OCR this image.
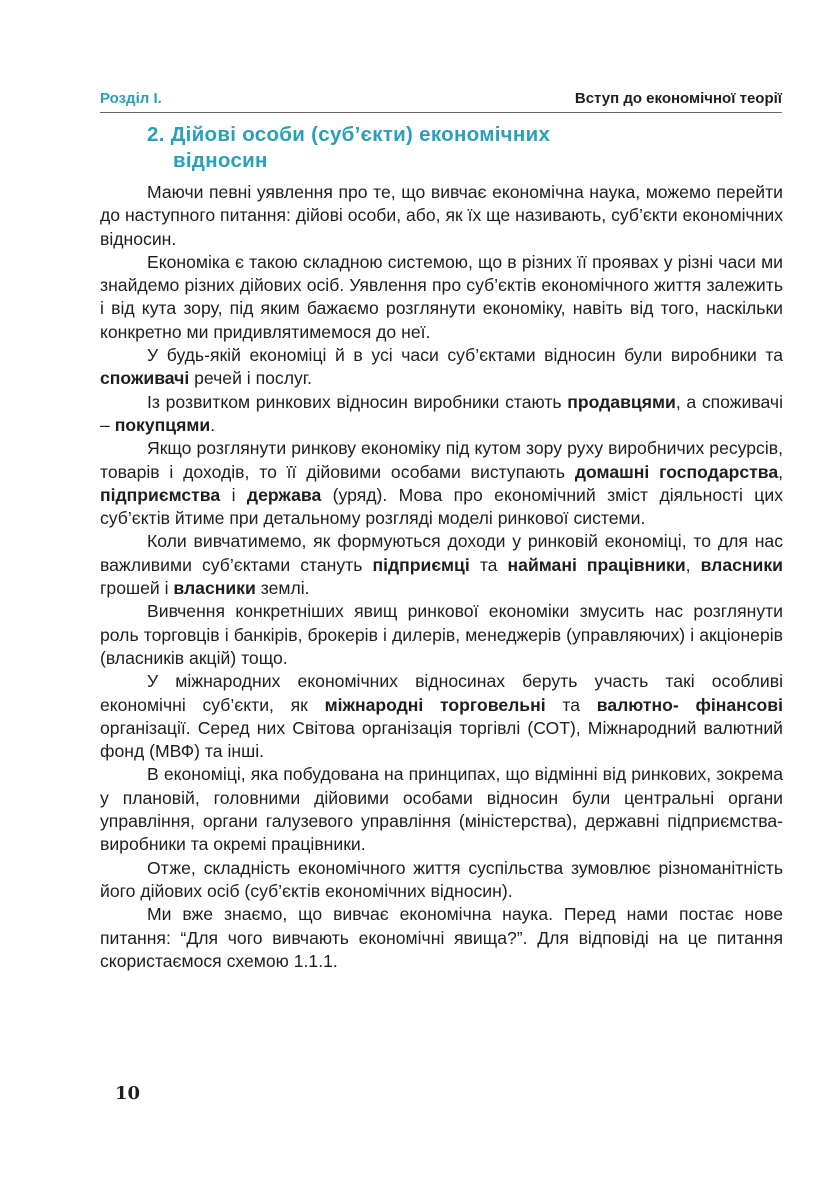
Розділ І.	Вступ до економічної теорії
2. Дійові особи (суб’єкти) економічних
відносин

Маючи певні уявлення про те, що вивчає економічна наука, можемо перейти до наступного питання: дійові особи, або, як їх ще називають, суб’єкти економічних відносин.

Економіка є такою складною системою, що в різних її проявах у різні часи ми знайдемо різних дійових осіб. Уявлення про суб’єктів економічного життя залежить і від кута зору, під яким бажаємо розглянути економіку, навіть від того, наскільки конкретно ми придивлятимемося до неї.

У будь-якій економіці й в усі часи суб’єктами відносин були виробники та споживачі речей і послуг.

Із розвитком ринкових відносин виробники стають продавцями, а споживачі – покупцями.

Якщо розглянути ринкову економіку під кутом зору руху виробничих ресурсів, товарів і доходів, то її дійовими особами виступають домашні господарства, підприємства і держава (уряд). Мова про економічний зміст діяльності цих суб’єктів йтиме при детальному розгляді моделі ринкової системи.

Коли вивчатимемо, як формуються доходи у ринковій економіці, то для нас важливими суб’єктами стануть підприємці та наймані працівники, власники грошей і власники землі.

Вивчення конкретніших явищ ринкової економіки змусить нас розглянути роль торговців і банкірів, брокерів і дилерів, менеджерів (управляючих) і акціонерів (власників акцій) тощо.

У міжнародних економічних відносинах беруть участь такі особливі економічні суб’єкти, як міжнародні торговельні та валютно- фінансові організації. Серед них Світова організація торгівлі (СОТ), Міжнародний валютний фонд (МВФ) та інші.

В економіці, яка побудована на принципах, що відмінні від ринкових, зокрема у плановій, головними дійовими особами відносин були центральні органи управління, органи галузевого управління (міністерства), державні підприємства-виробники та окремі працівники.

Отже, складність економічного життя суспільства зумовлює різноманітність його дійових осіб (суб’єктів економічних відносин).

Ми вже знаємо, що вивчає економічна наука. Перед нами постає нове питання: “Для чого вивчають економічні явища?”. Для відповіді на це питання скористаємося схемою 1.1.1.

10
